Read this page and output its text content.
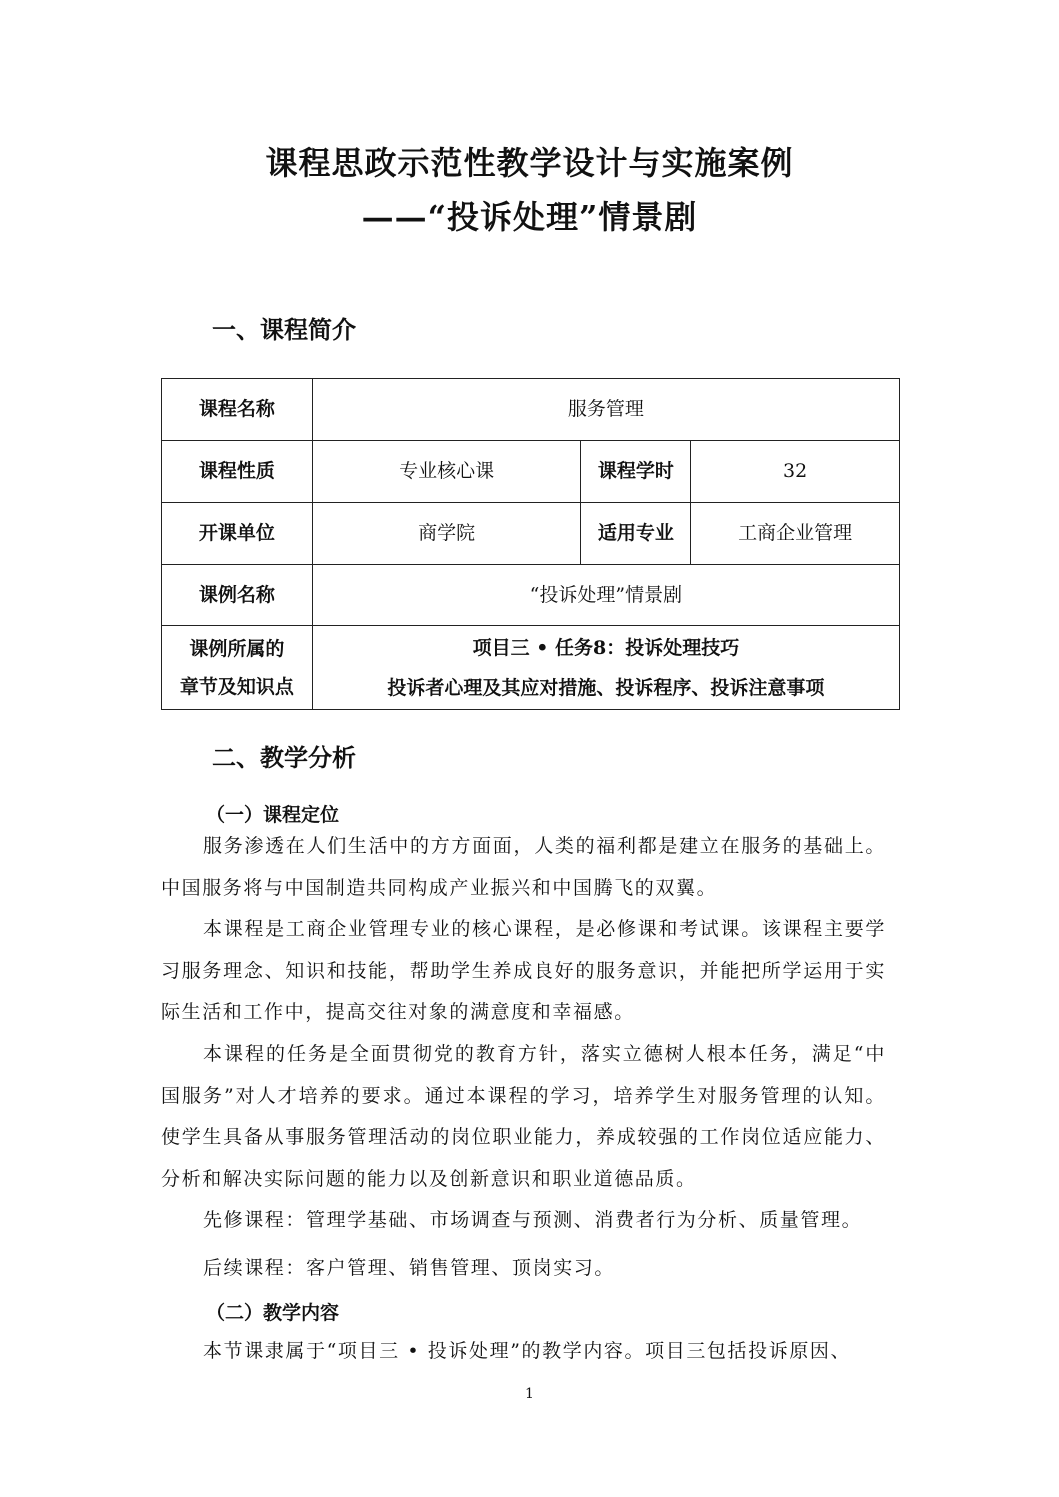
课程思政示范性教学设计与实施案例
——“投诉处理”情景剧
一、课程简介
课程名称	服务管理		
课程性质	专业核心课	课程学时	32
开课单位	商学院	适用专业	工商企业管理
课例名称	“投诉处理”情景剧		

课例所属的
章节及知识点	项目三 • 任务8：投诉处理技巧
投诉者心理及其应对措施、投诉程序、投诉注意事项		
二、教学分析
（一）课程定位

服务渗透在人们生活中的方方面面，人类的福利都是建立在服务的基础上。中国服务将与中国制造共同构成产业振兴和中国腾飞的双翼。

本课程是工商企业管理专业的核心课程，是必修课和考试课。该课程主要学习服务理念、知识和技能，帮助学生养成良好的服务意识，并能把所学运用于实际生活和工作中，提高交往对象的满意度和幸福感。

本课程的任务是全面贯彻党的教育方针，落实立德树人根本任务，满足“中国服务”对人才培养的要求。通过本课程的学习，培养学生对服务管理的认知。使学生具备从事服务管理活动的岗位职业能力，养成较强的工作岗位适应能力、分析和解决实际问题的能力以及创新意识和职业道德品质。

先修课程：管理学基础、市场调查与预测、消费者行为分析、质量管理。

后续课程：客户管理、销售管理、顶岗实习。

（二）教学内容

本节课隶属于“项目三 • 投诉处理”的教学内容。项目三包括投诉原因、

1
